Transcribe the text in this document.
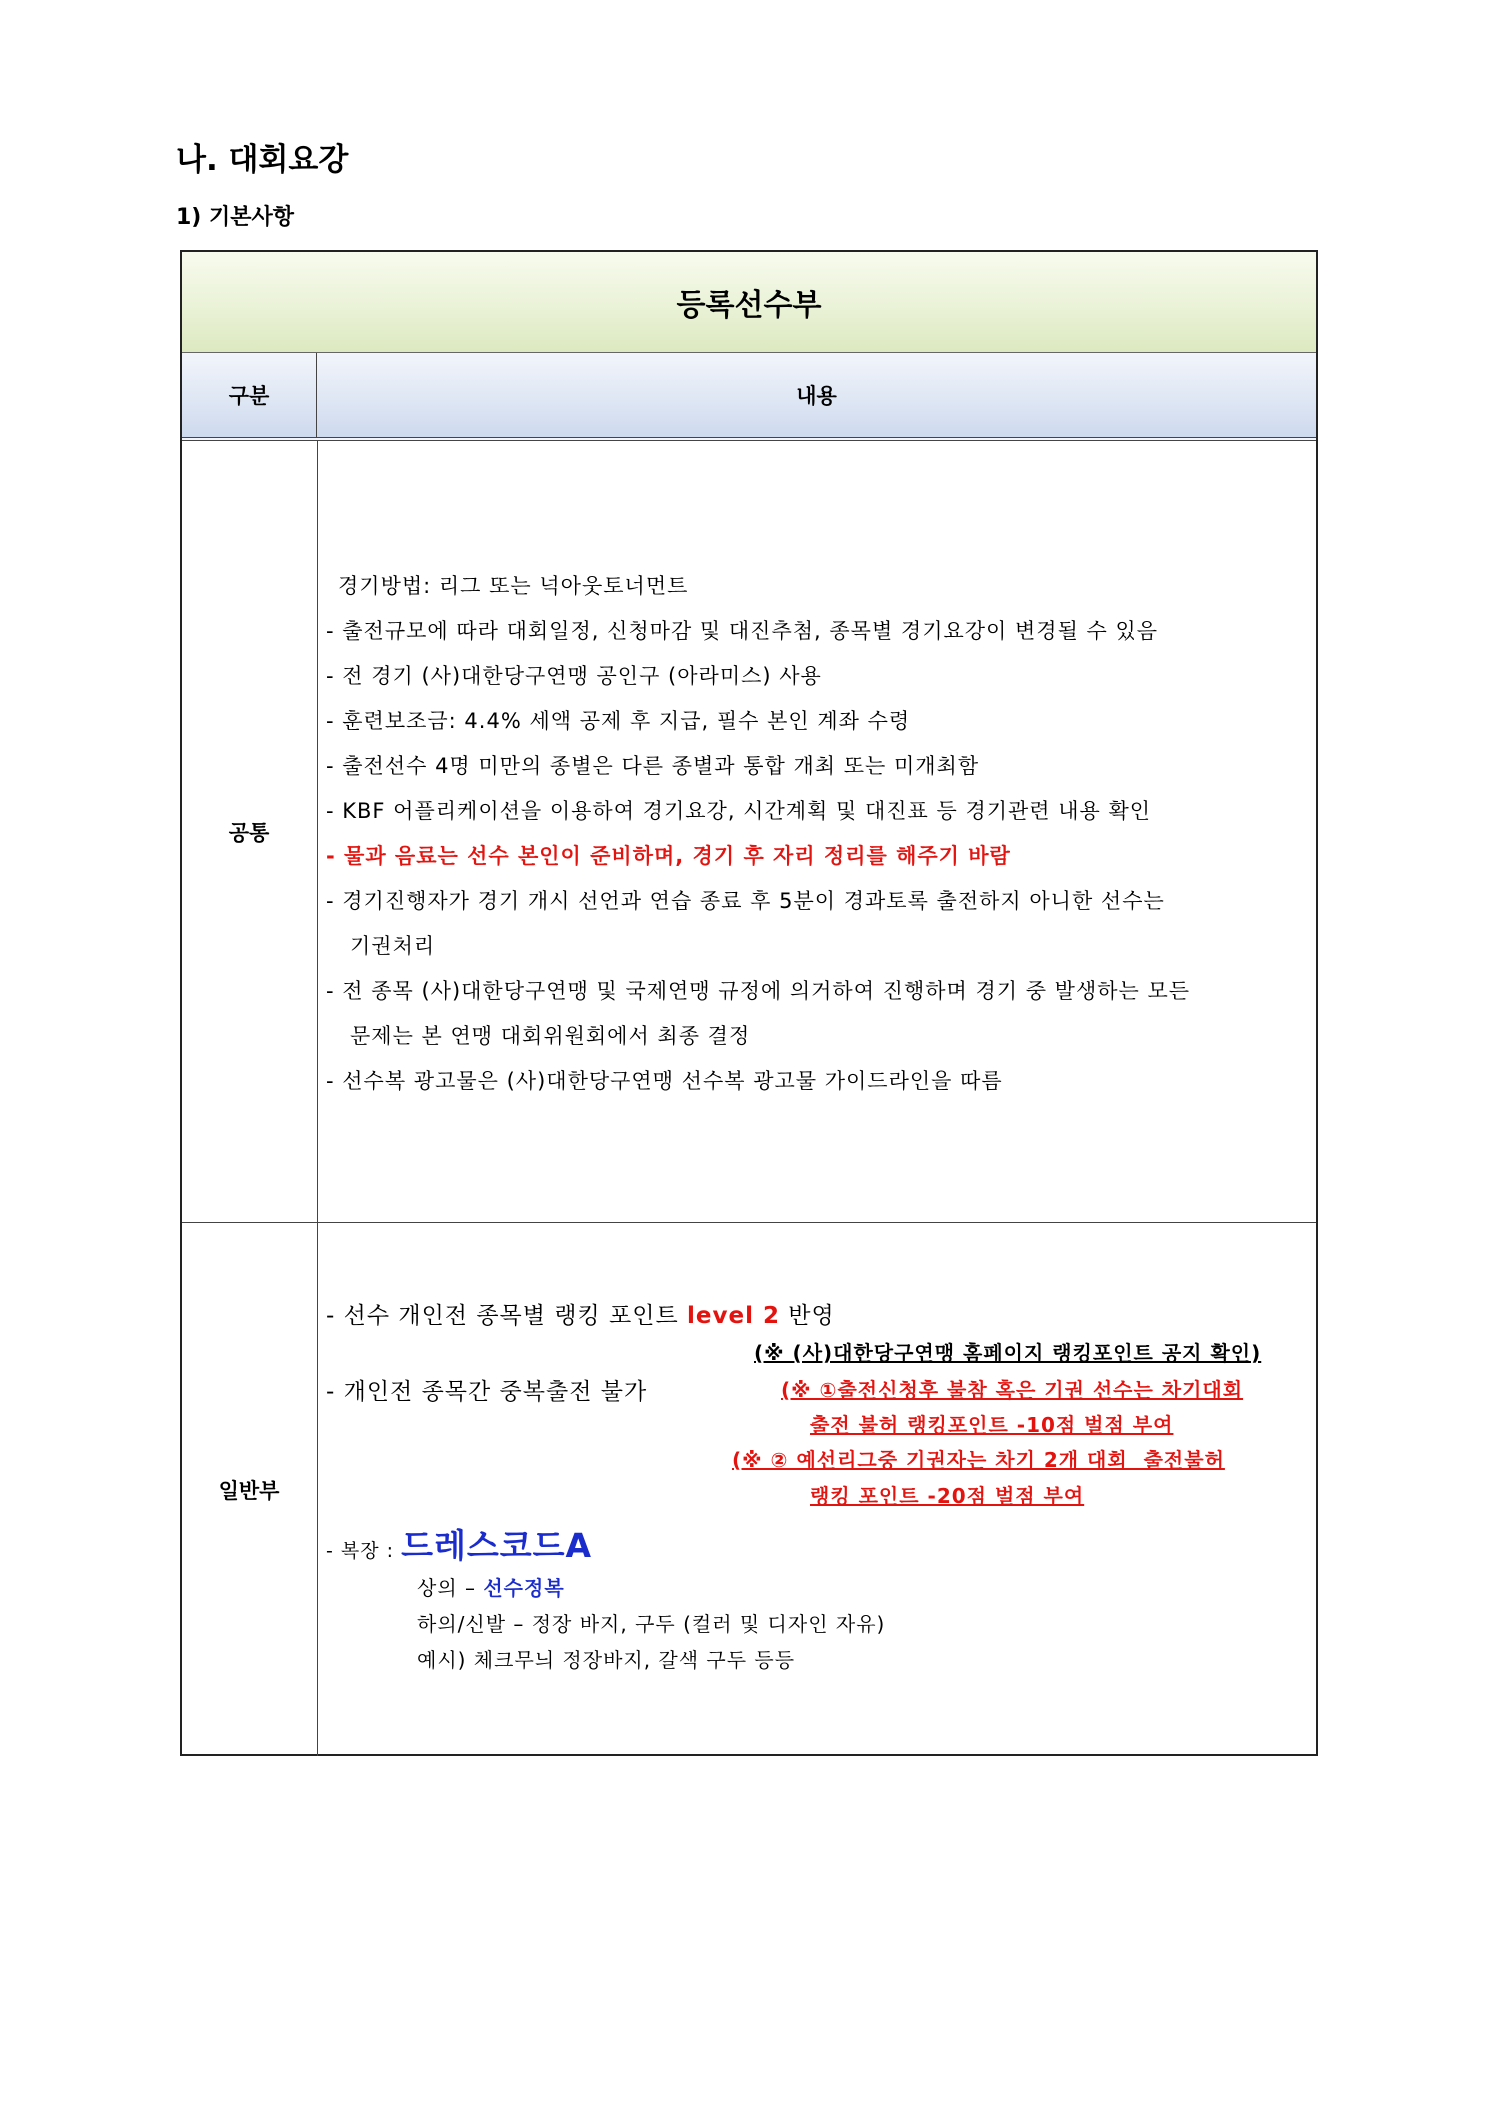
나. 대회요강
1) 기본사항
등록선수부
구분	내용
공통
경기방법: 리그 또는 넉아웃토너먼트
- 출전규모에 따라 대회일정, 신청마감 및 대진추첨, 종목별 경기요강이 변경될 수 있음
- 전 경기 (사)대한당구연맹 공인구 (아라미스) 사용
- 훈련보조금: 4.4% 세액 공제 후 지급, 필수 본인 계좌 수령
- 출전선수 4명 미만의 종별은 다른 종별과 통합 개최 또는 미개최함
- KBF 어플리케이션을 이용하여 경기요강, 시간계획 및 대진표 등 경기관련 내용 확인
- 물과 음료는 선수 본인이 준비하며, 경기 후 자리 정리를 해주기 바람
- 경기진행자가 경기 개시 선언과 연습 종료 후 5분이 경과토록 출전하지 아니한 선수는
기권처리
- 전 종목 (사)대한당구연맹 및 국제연맹 규정에 의거하여 진행하며 경기 중 발생하는 모든
문제는 본 연맹 대회위원회에서 최종 결정
- 선수복 광고물은 (사)대한당구연맹 선수복 광고물 가이드라인을 따름
일반부
- 선수 개인전 종목별 랭킹 포인트 level 2 반영
(※ (사)대한당구연맹 홈페이지 랭킹포인트 공지 확인)
- 개인전 종목간 중복출전 불가	(※ ①출전신청후 불참 혹은 기권 선수는 차기대회
출전 불허 랭킹포인트 -10점 벌점 부여
(※ ② 예선리그중 기권자는 차기 2개 대회  출전불허
랭킹 포인트 -20점 벌점 부여
- 복장 : 드레스코드A
상의 – 선수정복
하의/신발 – 정장 바지, 구두 (컬러 및 디자인 자유)
예시) 체크무늬 정장바지, 갈색 구두 등등
